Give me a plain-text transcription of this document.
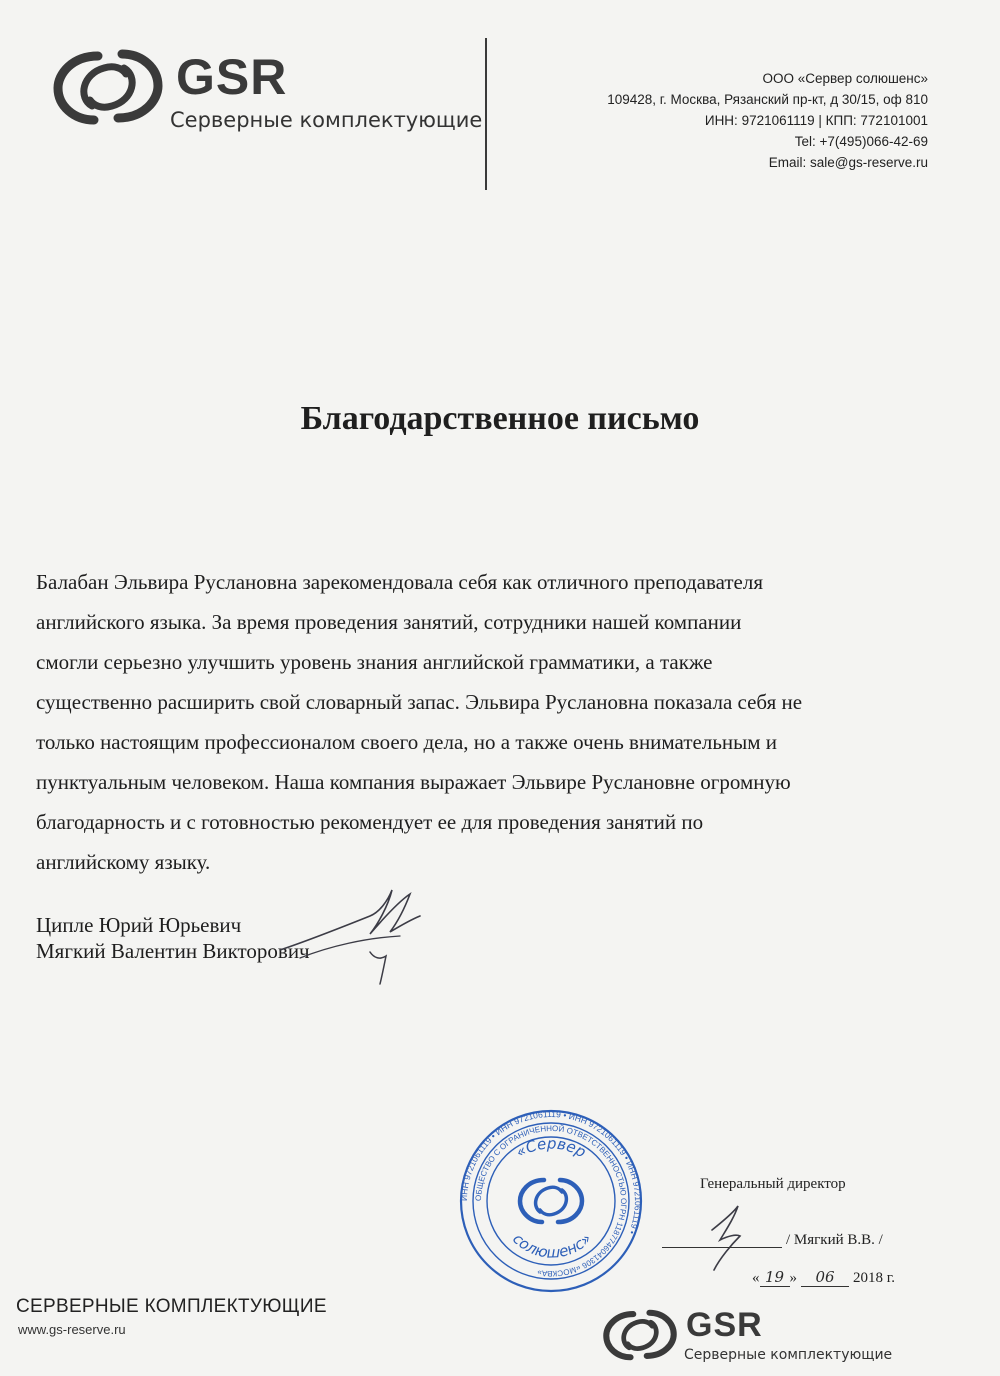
GSR
Серверные комплектующие
ООО «Сервер солюшенс»
109428, г. Москва, Рязанский пр-кт, д 30/15, оф 810
ИНН: 9721061119 | КПП: 772101001
Tel: +7(495)066-42-69
Email: sale@gs-reserve.ru
Благодарственное письмо
Балабан Эльвира Руслановна зарекомендовала себя как отличного преподавателя
английского языка. За время проведения занятий, сотрудники нашей компании
смогли серьезно улучшить уровень знания английской грамматики, а также
существенно расширить свой словарный запас. Эльвира Руслановна показала себя не
только настоящим профессионалом своего дела, но а также очень внимательным и
пунктуальным человеком. Наша компания выражает Эльвире Руслановне огромную
благодарность и с готовностью рекомендует ее для проведения занятий по
английскому языку.
Ципле Юрий Юрьевич
Мягкий Валентин Викторович
ИНН 9721061119 • ИНН 9721061119 • ИНН 9721061119 • ИНН 9721061119 •
ОБЩЕСТВО С ОГРАНИЧЕННОЙ ОТВЕТСТВЕННОСТЬЮ ОГРН 1187746041306 «МОСКВА»
«Сервер
солюшенс»
Генеральный директор
/ Мягкий В.В. /
« 19 » 06 2018 г.
СЕРВЕРНЫЕ КОМПЛЕКТУЮЩИЕ
www.gs-reserve.ru	GSR
Серверные комплектующие
